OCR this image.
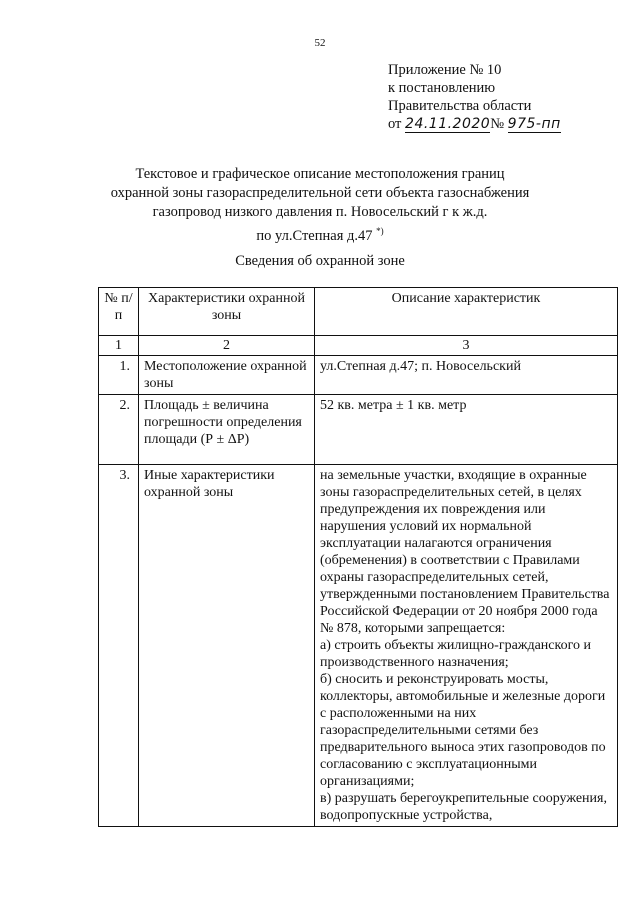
52
Приложение № 10
к постановлению
Правительства области
от 24.11.2020№ 975-пп
Текстовое и графическое описание местоположения границ
охранной зоны газораспределительной сети объекта газоснабжения
газопровод низкого давления п. Новосельский г к ж.д.
по ул.Степная д.47 *)
Сведения об охранной зоне
№ п/п	Характеристики охранной зоны	Описание характеристик
1	2	3
1.	Местоположение охранной зоны	ул.Степная д.47; п. Новосельский

2.	Площадь ± величина погрешности определения площади (Р ± ΔР)	52 кв. метра ± 1 кв. метр

3.	Иные характеристики охранной зоны	на земельные участки, входящие в охранные зоны газораспределительных сетей, в целях предупреждения их повреждения или нарушения условий их нормальной эксплуатации налагаются ограничения (обременения) в соответствии с Правилами охраны газораспределительных сетей, утвержденными постановлением Правительства Российской Федерации от 20 ноября 2000 года № 878, которыми запрещается:
а) строить объекты жилищно-гражданского и производственного назначения;
б) сносить и реконструировать мосты, коллекторы, автомобильные и железные дороги с расположенными на них газораспределительными сетями без предварительного выноса этих газопроводов по согласованию с эксплуатационными организациями;
в) разрушать берегоукрепительные сооружения, водопропускные устройства,
